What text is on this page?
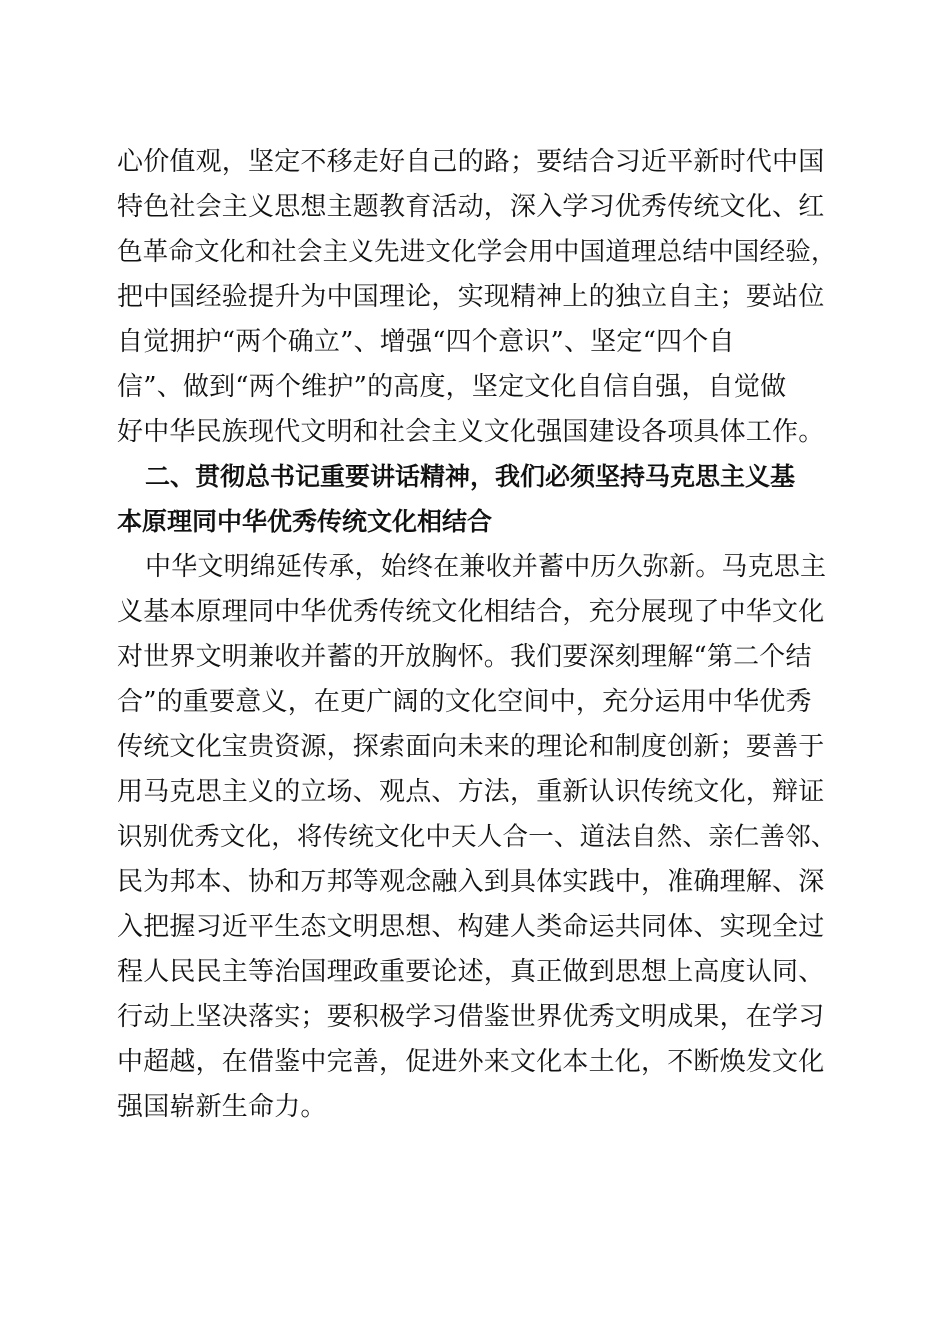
心价值观，坚定不移走好自己的路；要结合习近平新时代中国
特色社会主义思想主题教育活动，深入学习优秀传统文化、红
色革命文化和社会主义先进文化学会用中国道理总结中国经验，
把中国经验提升为中国理论，实现精神上的独立自主；要站位
自觉拥护“两个确立”、增强“四个意识”、坚定“四个自
信”、做到“两个维护”的高度，坚定文化自信自强，自觉做
好中华民族现代文明和社会主义文化强国建设各项具体工作。
二、贯彻总书记重要讲话精神，我们必须坚持马克思主义基
本原理同中华优秀传统文化相结合
中华文明绵延传承，始终在兼收并蓄中历久弥新。马克思主
义基本原理同中华优秀传统文化相结合，充分展现了中华文化
对世界文明兼收并蓄的开放胸怀。我们要深刻理解“第二个结
合”的重要意义，在更广阔的文化空间中，充分运用中华优秀
传统文化宝贵资源，探索面向未来的理论和制度创新；要善于
用马克思主义的立场、观点、方法，重新认识传统文化，辩证
识别优秀文化，将传统文化中天人合一、道法自然、亲仁善邻、
民为邦本、协和万邦等观念融入到具体实践中，准确理解、深
入把握习近平生态文明思想、构建人类命运共同体、实现全过
程人民民主等治国理政重要论述，真正做到思想上高度认同、
行动上坚决落实；要积极学习借鉴世界优秀文明成果，在学习
中超越，在借鉴中完善，促进外来文化本土化，不断焕发文化
强国崭新生命力。
